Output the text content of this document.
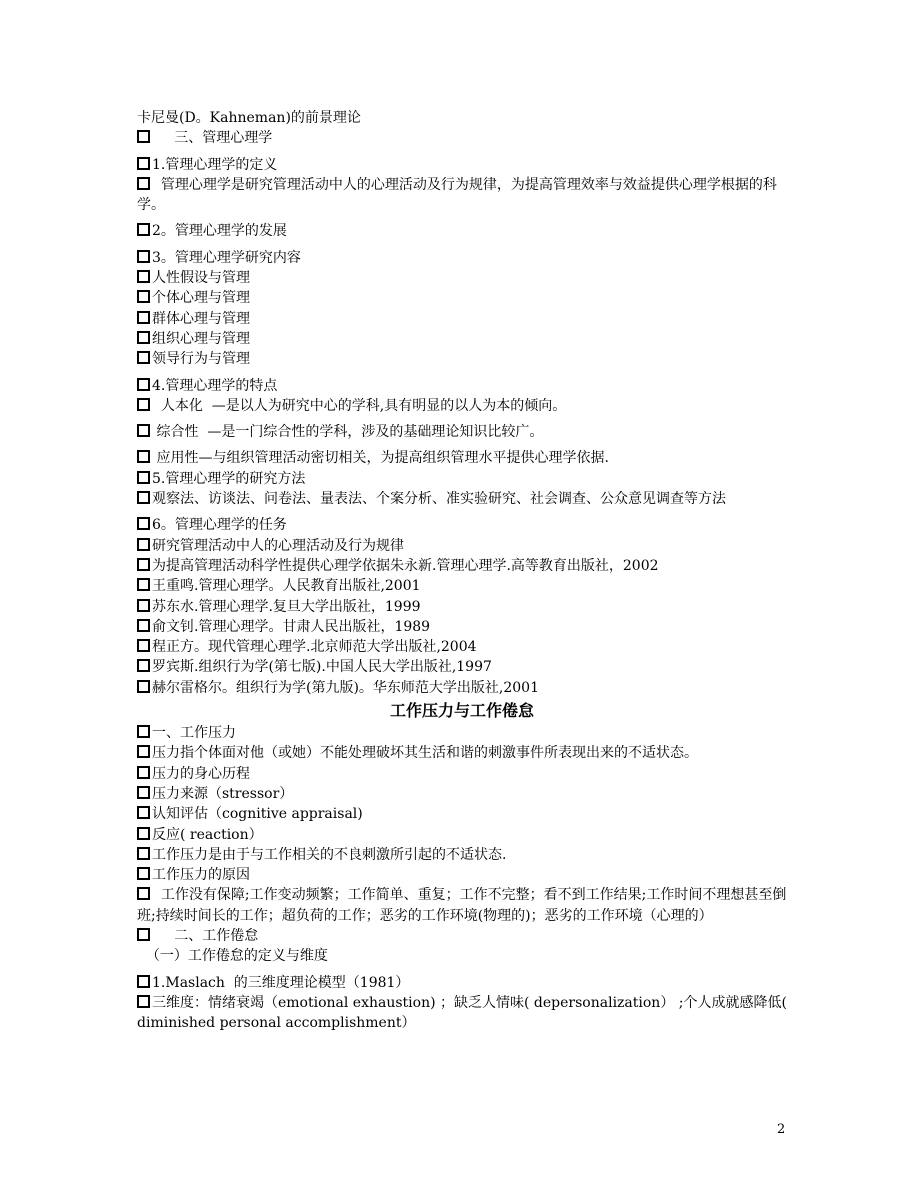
卡尼曼(D。Kahneman)的前景理论
三、管理心理学
1.管理心理学的定义
管理心理学是研究管理活动中人的心理活动及行为规律，为提高管理效率与效益提供心理学根据的科学。
2。管理心理学的发展
3。管理心理学研究内容
人性假设与管理
个体心理与管理
群体心理与管理
组织心理与管理
领导行为与管理
4.管理心理学的特点
人本化  —是以人为研究中心的学科,具有明显的以人为本的倾向。
综合性  —是一门综合性的学科，涉及的基础理论知识比较广。
应用性—与组织管理活动密切相关，为提高组织管理水平提供心理学依据.
5.管理心理学的研究方法
观察法、访谈法、问卷法、量表法、个案分析、准实验研究、社会调查、公众意见调查等方法
6。管理心理学的任务
研究管理活动中人的心理活动及行为规律
为提高管理活动科学性提供心理学依据朱永新.管理心理学.高等教育出版社，2002
王重鸣.管理心理学。人民教育出版社,2001
苏东水.管理心理学.复旦大学出版社，1999
俞文钊.管理心理学。甘肃人民出版社，1989
程正方。现代管理心理学.北京师范大学出版社,2004
罗宾斯.组织行为学(第七版).中国人民大学出版社,1997
赫尔雷格尔。组织行为学(第九版)。华东师范大学出版社,2001
工作压力与工作倦怠
一、工作压力
压力指个体面对他（或她）不能处理破坏其生活和谐的刺激事件所表现出来的不适状态。
压力的身心历程
压力来源（stressor）
认知评估（cognitive appraisal)
反应( reaction）
工作压力是由于与工作相关的不良刺激所引起的不适状态.
工作压力的原因
工作没有保障;工作变动频繁；工作简单、重复；工作不完整；看不到工作结果;工作时间不理想甚至倒班;持续时间长的工作；超负荷的工作；恶劣的工作环境(物理的)；恶劣的工作环境（心理的）
二、工作倦怠
（一）工作倦怠的定义与维度
1.Maslach  的三维度理论模型（1981）
三维度：情绪衰竭（emotional exhaustion) ；缺乏人情味( depersonalization） ;个人成就感降低( diminished personal accomplishment）
2
